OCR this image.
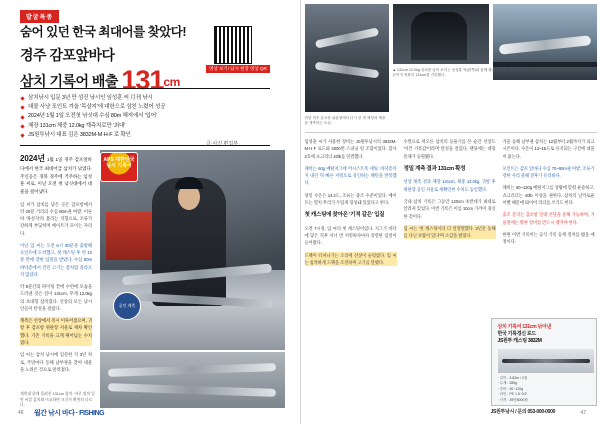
발굴특종
숨어 있던 한국 최대어를 찾았다!
경주 감포앞바다
삼치 기록어 배출 131cm
영상 보기! 낚시 현장 영상 QR
삼치낚시 입문 3년 만 섬진 낚시인 임성훈 씨 月刊 낚시
대물 사냥 포인트 겨울 '목살지'에 대한으로 삼친 노렸어 성공
2024년 1월 1일 오전첫 낚싯대 수심 80m 해저에서 '입어'
체장 131cm 체중 12.0kg 계측치로만 '최대'
JS원투낚시 대표 김은 3832M-M·H·F 로 확인
글·사진 편집부

2024년 1월 1일 경주 감포앞바다에서 한국 최대어급 삼치가 낚였다. 주인공은 경북 경주에 거주하는 임성훈 씨로, 이날 오전 첫 낚싯대에서 대물을 걸어냈다.

임 씨가 삼치를 낚은 곳은 감포항에서 약 20분 거리의 수심 80m권 여밭. 이른바 '목살지'라 불리는 지형으로, 조류가 강하게 부딪히며 베이트가 모이는 자리다.

이날 임 씨는 오전 6시 30분경 출항해 포인트에 도착했고, 첫 캐스팅 후 약 10분 만에 강한 입질을 받았다. 수심 80m 바닥층에서 걸린 고기는 좀처럼 올라오지 않았다.

약 8분간의 파이팅 끝에 수면에 모습을 드러낸 것은 길이 131cm, 무게 12.0kg의 초대형 삼치였다. 선상의 모든 낚시인들이 탄성을 질렀다.

계측은 선상에서 즉시 이루어졌으며, 귀항 후 감포항 위판장 저울로 재차 확인했다. 기존 기록을 크게 뛰어넘는 수치였다.

임 씨는 삼치 낚시에 입문한 지 3년 차로, 주말마다 동해 남부권을 찾아 대물을 노려온 것으로 알려졌다.

APS 대한민국 낚시 기록어
공인 계측
계측대 위에 올려진 131cm 삼치. 바로 옆의 일반 씨알 삼치와 비교하면 크기가 확연히 다르다.
46 월간 낚시 바다 · FISHING
귀항 직후 감포항 위판장에서 다시 한 번 체장과 체중을 계측하는 모습.
▲ 131cm·12.0kg 삼치를 들어 보이는 임성훈 씨(왼쪽)와 함께 출조한 선장. 오른쪽은 선상에서 계측 중인 장면으로, 꼬리지느러미 끝까지 정확히 131cm를 기록했다.

임성훈 씨가 사용한 장비는 JS원투낚시의 3832M-M·H·F 로드와 4000번 스피닝 릴 조합이었다. 합사 2호에 쇼크리더 40lb를 연결했다.

채비는 60g 메탈지그에 어시스트훅 세팅. 바닥층까지 내린 뒤 빠른 저킹으로 유인하는 패턴을 반복했다.

당일 수온은 14.2도, 조류는 중조 수준이었다. 베이트는 멸치 무리가 두텁게 형성돼 있었다고 한다.

첫 캐스팅에 찾아온 '기적 같은' 입질

오전 7시경, 임 씨의 첫 캐스팅이었다. 지그가 바닥에 닿은 직후 서너 번 저킹하자마자 강렬한 입질이 들어왔다.

드랙이 터져나가는 소리에 선상이 술렁였다. 임 씨는 침착하게 드랙을 조절하며 고기를 달랬다.

수면으로 떠오른 삼치의 등줄기를 본 순간 선장도 '이건 기록감'이라며 탄성을 질렀다. 랜딩에는 대형 뜰채가 동원됐다.

정밀 계측 결과 131cm 확정

선상 계측 결과 체장 131cm, 체중 12.0kg. 귀항 후 위판장 공인 저울로 재확인한 수치도 동일했다.

국내 삼치 기록은 그동안 120cm 초반대가 최대로 알려져 있었다. 이번 기록은 이를 10cm 가까이 경신한 것이다.

임 씨는 '첫 캐스팅이라 더 얼떨떨했다. 3년간 동해를 다닌 보람이 있다'며 소감을 밝혔다.

겨울 동해 남부권 삼치는 12월부터 2월까지가 피크 시즌이다. 수온이 13~15도로 유지되는 구간에 대물이 붙는다.

포인트는 감포 앞바다 수심 70~90m권 여밭. 조류가 강한 사리 물때 전후가 유리하다.

채비는 60~120g 메탈지그를 상황에 맞춰 운용하고, 쇼크리더는 40lb 이상을 권한다. 삼치의 날카로운 이빨 때문에 와이어 리더를 쓰기도 한다.

출조 문의는 감포항 일대 선단을 통해 가능하며, 겨울철에는 방한 장비를 반드시 챙겨야 한다.

한편 이번 기록어는 공식 기록 등재 절차를 밟을 예정이다.

삼치 기록어 131cm 낚아낸
한국 기록경신 로드
JS원투 캐스팅 3832M
· 길이 : 3.83m / 2절
· 무게 : 285g
· 루어 : 30~120g
· 라인 : PE 1.5~3호
· 가격 : 39만8000원
JS원투낚시 / 문의 053-000-0000	47
